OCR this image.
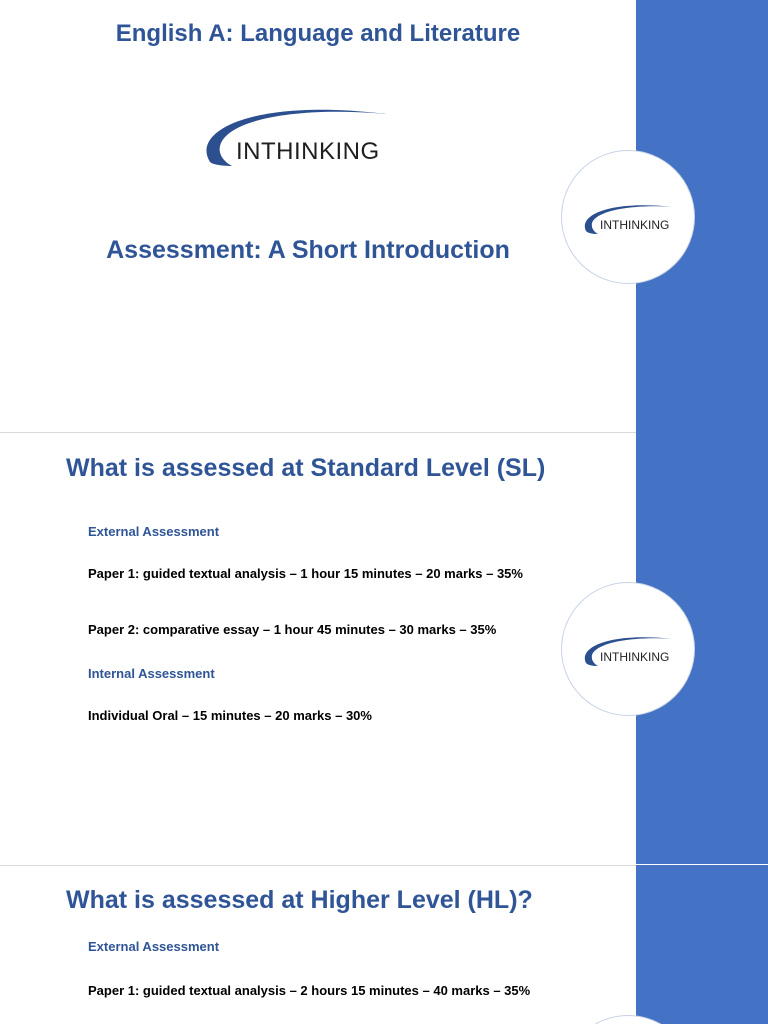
English A: Language and Literature
INTHINKING
Assessment: A Short Introduction
INTHINKING
What is assessed at Standard Level (SL)
External Assessment
Paper 1: guided textual analysis – 1 hour 15 minutes – 20 marks – 35%
Paper 2: comparative essay – 1 hour 45 minutes – 30 marks – 35%
Internal Assessment
Individual Oral – 15 minutes – 20 marks – 30%
INTHINKING
What is assessed at Higher Level (HL)?
External Assessment
Paper 1: guided textual analysis – 2 hours 15 minutes – 40 marks – 35%
